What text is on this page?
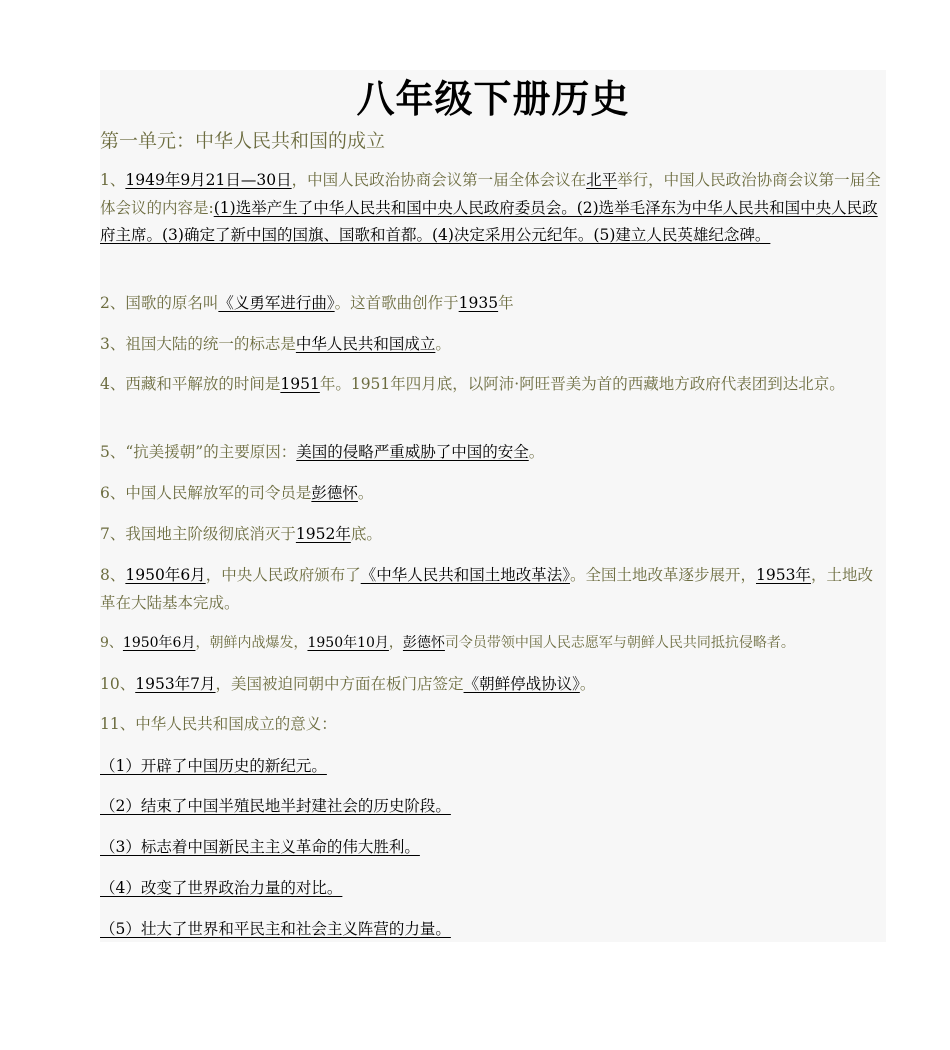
八年级下册历史
第一单元：中华人民共和国的成立
1、1949年9月21日—30日，中国人民政治协商会议第一届全体会议在北平举行，中国人民政治协商会议第一届全体会议的内容是:(1)选举产生了中华人民共和国中央人民政府委员会。(2)选举毛泽东为中华人民共和国中央人民政府主席。(3)确定了新中国的国旗、国歌和首都。(4)决定采用公元纪年。(5)建立人民英雄纪念碑。
2、国歌的原名叫《义勇军进行曲》。这首歌曲创作于1935年
3、祖国大陆的统一的标志是中华人民共和国成立。
4、西藏和平解放的时间是1951年。1951年四月底，以阿沛·阿旺晋美为首的西藏地方政府代表团到达北京。
5、“抗美援朝”的主要原因：美国的侵略严重威胁了中国的安全。
6、中国人民解放军的司令员是彭德怀。
7、我国地主阶级彻底消灭于1952年底。
8、1950年6月，中央人民政府颁布了《中华人民共和国土地改革法》。全国土地改革逐步展开，1953年，土地改革在大陆基本完成。
9、1950年6月，朝鲜内战爆发，1950年10月，彭德怀司令员带领中国人民志愿军与朝鲜人民共同抵抗侵略者。
10、1953年7月，美国被迫同朝中方面在板门店签定《朝鲜停战协议》。
11、中华人民共和国成立的意义：
（1）开辟了中国历史的新纪元。
（2）结束了中国半殖民地半封建社会的历史阶段。
（3）标志着中国新民主主义革命的伟大胜利。
（4）改变了世界政治力量的对比。
（5）壮大了世界和平民主和社会主义阵营的力量。
